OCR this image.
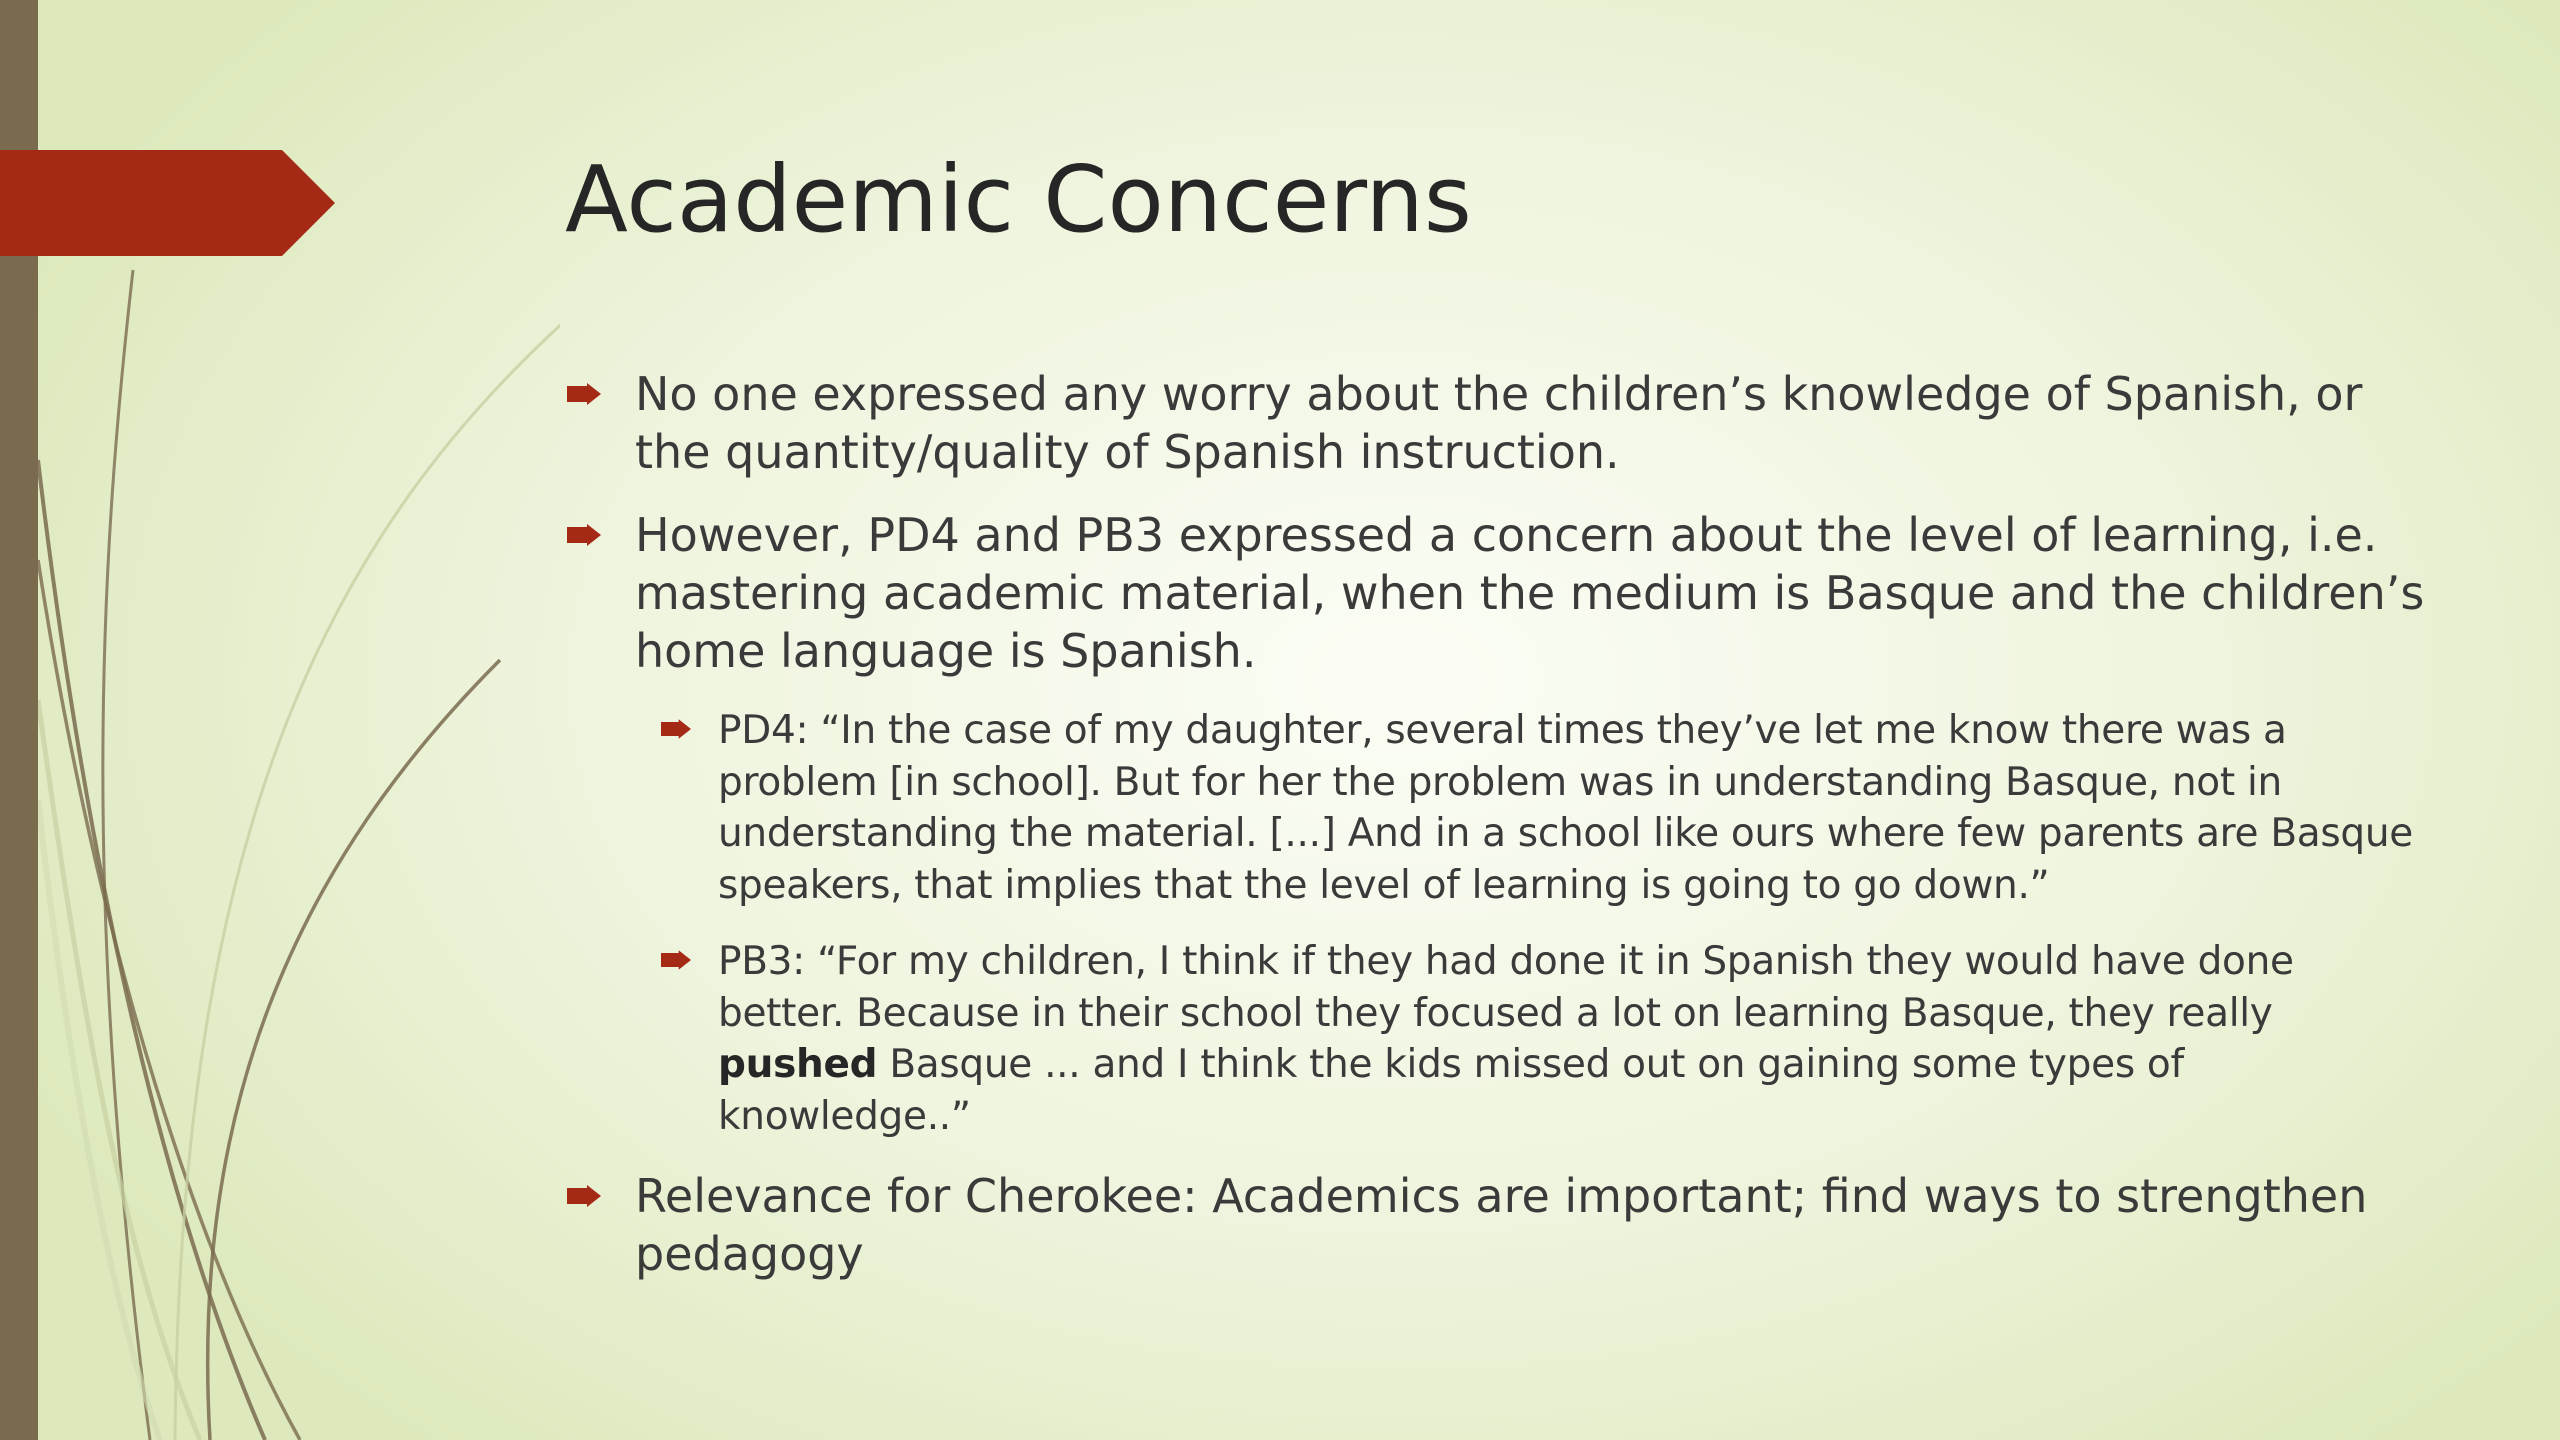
Academic Concerns
No one expressed any worry about the children’s knowledge of Spanish, or the quantity/quality of Spanish instruction.
However, PD4 and PB3 expressed a concern about the level of learning, i.e. mastering academic material, when the medium is Basque and the children’s home language is Spanish.
PD4: “In the case of my daughter, several times they’ve let me know there was a problem [in school]. But for her the problem was in understanding Basque, not in understanding the material. [...] And in a school like ours where few parents are Basque speakers, that implies that the level of learning is going to go down.”
PB3: “For my children, I think if they had done it in Spanish they would have done better. Because in their school they focused a lot on learning Basque, they really pushed Basque ... and I think the kids missed out on gaining some types of knowledge..”
Relevance for Cherokee: Academics are important; find ways to strengthen pedagogy
